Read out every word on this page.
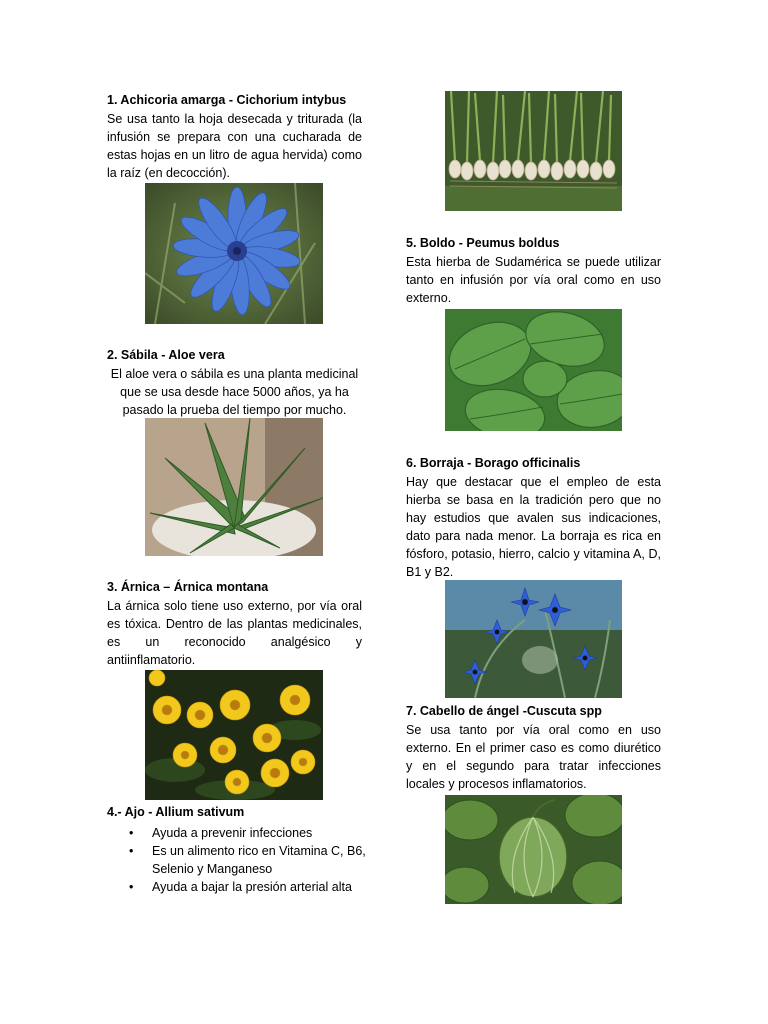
1. Achicoria amarga - Cichorium intybus

Se usa tanto la hoja desecada y triturada (la infusión se prepara con una cucharada de estas hojas en un litro de agua hervida) como la raíz (en decocción).

2. Sábila - Aloe vera

El aloe vera o sábila es una planta medicinal que se usa desde hace 5000 años, ya ha pasado la prueba del tiempo por mucho.

3. Árnica – Árnica montana

La árnica solo tiene uso externo, por vía oral es tóxica. Dentro de las plantas medicinales, es un reconocido analgésico y antiinflamatorio.

4.- Ajo - Allium sativum

• Ayuda a prevenir infecciones
• Es un alimento rico en Vitamina C, B6, Selenio y Manganeso
• Ayuda a bajar la presión arterial alta

5. Boldo - Peumus boldus

Esta hierba de Sudamérica se puede utilizar tanto en infusión por vía oral como en uso externo.

6. Borraja - Borago officinalis

Hay que destacar que el empleo de esta hierba se basa en la tradición pero que no hay estudios que avalen sus indicaciones, dato para nada menor. La borraja es rica en fósforo, potasio, hierro, calcio y vitamina A, D, B1 y B2.

7. Cabello de ángel -Cuscuta spp

Se usa tanto por vía oral como en uso externo. En el primer caso es como diurético y en el segundo para tratar infecciones locales y procesos inflamatorios.
